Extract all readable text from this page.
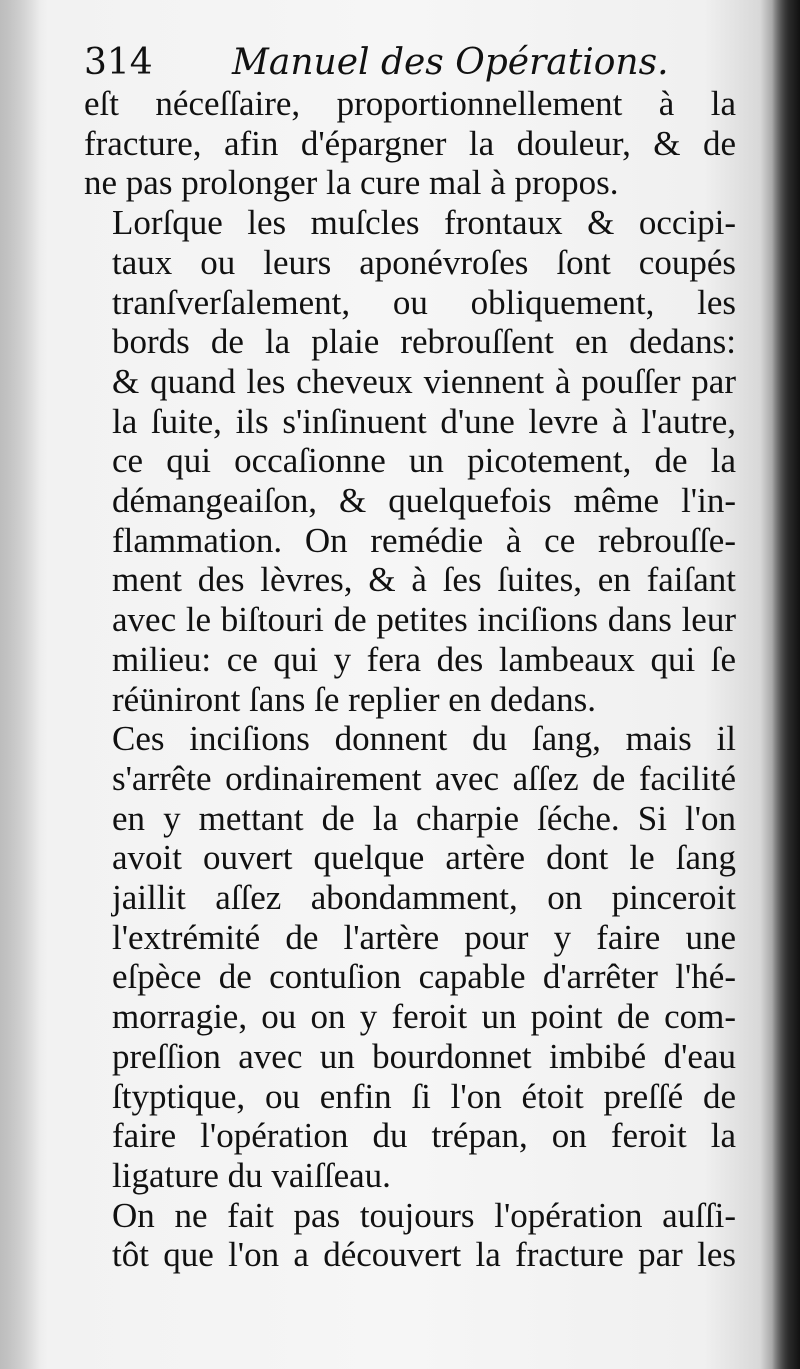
314 Manuel des Opérations.

eſt néceſſaire, proportionnellement à la
fracture, afin d'épargner la douleur, & de
ne pas prolonger la cure mal à propos.

Lorſque les muſcles frontaux & occipi-
taux ou leurs aponévroſes ſont coupés
tranſverſalement, ou obliquement, les
bords de la plaie rebrouſſent en dedans:
& quand les cheveux viennent à pouſſer par
la ſuite, ils s'inſinuent d'une levre à l'autre,
ce qui occaſionne un picotement, de la
démangeaiſon, & quelquefois même l'in-
flammation. On remédie à ce rebrouſſe-
ment des lèvres, & à ſes ſuites, en faiſant
avec le biſtouri de petites inciſions dans leur
milieu: ce qui y fera des lambeaux qui ſe
réüniront ſans ſe replier en dedans.

Ces inciſions donnent du ſang, mais il
s'arrête ordinairement avec aſſez de facilité
en y mettant de la charpie ſéche. Si l'on
avoit ouvert quelque artère dont le ſang
jaillit aſſez abondamment, on pinceroit
l'extrémité de l'artère pour y faire une
eſpèce de contuſion capable d'arrêter l'hé-
morragie, ou on y feroit un point de com-
preſſion avec un bourdonnet imbibé d'eau
ſtyptique, ou enfin ſi l'on étoit preſſé de
faire l'opération du trépan, on feroit la
ligature du vaiſſeau.

On ne fait pas toujours l'opération auſſi-
tôt que l'on a découvert la fracture par les
